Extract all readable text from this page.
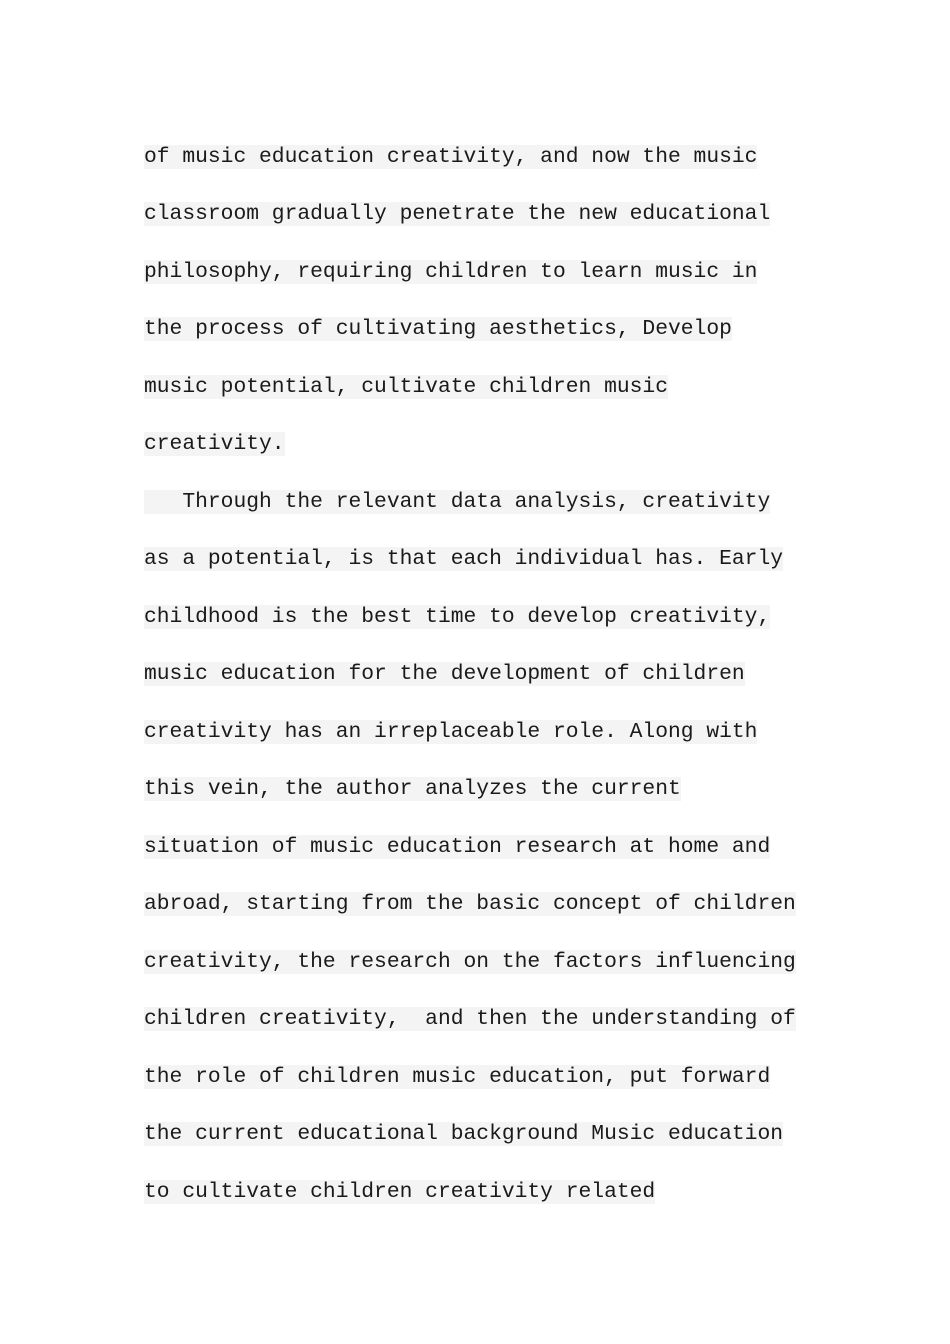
of music education creativity, and now the music
classroom gradually penetrate the new educational
philosophy, requiring children to learn music in
the process of cultivating aesthetics, Develop
music potential, cultivate children music
creativity.
Through the relevant data analysis, creativity
as a potential, is that each individual has. Early
childhood is the best time to develop creativity,
music education for the development of children
creativity has an irreplaceable role. Along with
this vein, the author analyzes the current
situation of music education research at home and
abroad, starting from the basic concept of children
creativity, the research on the factors influencing
children creativity,  and then the understanding of
the role of children music education, put forward
the current educational background Music education
to cultivate children creativity related
